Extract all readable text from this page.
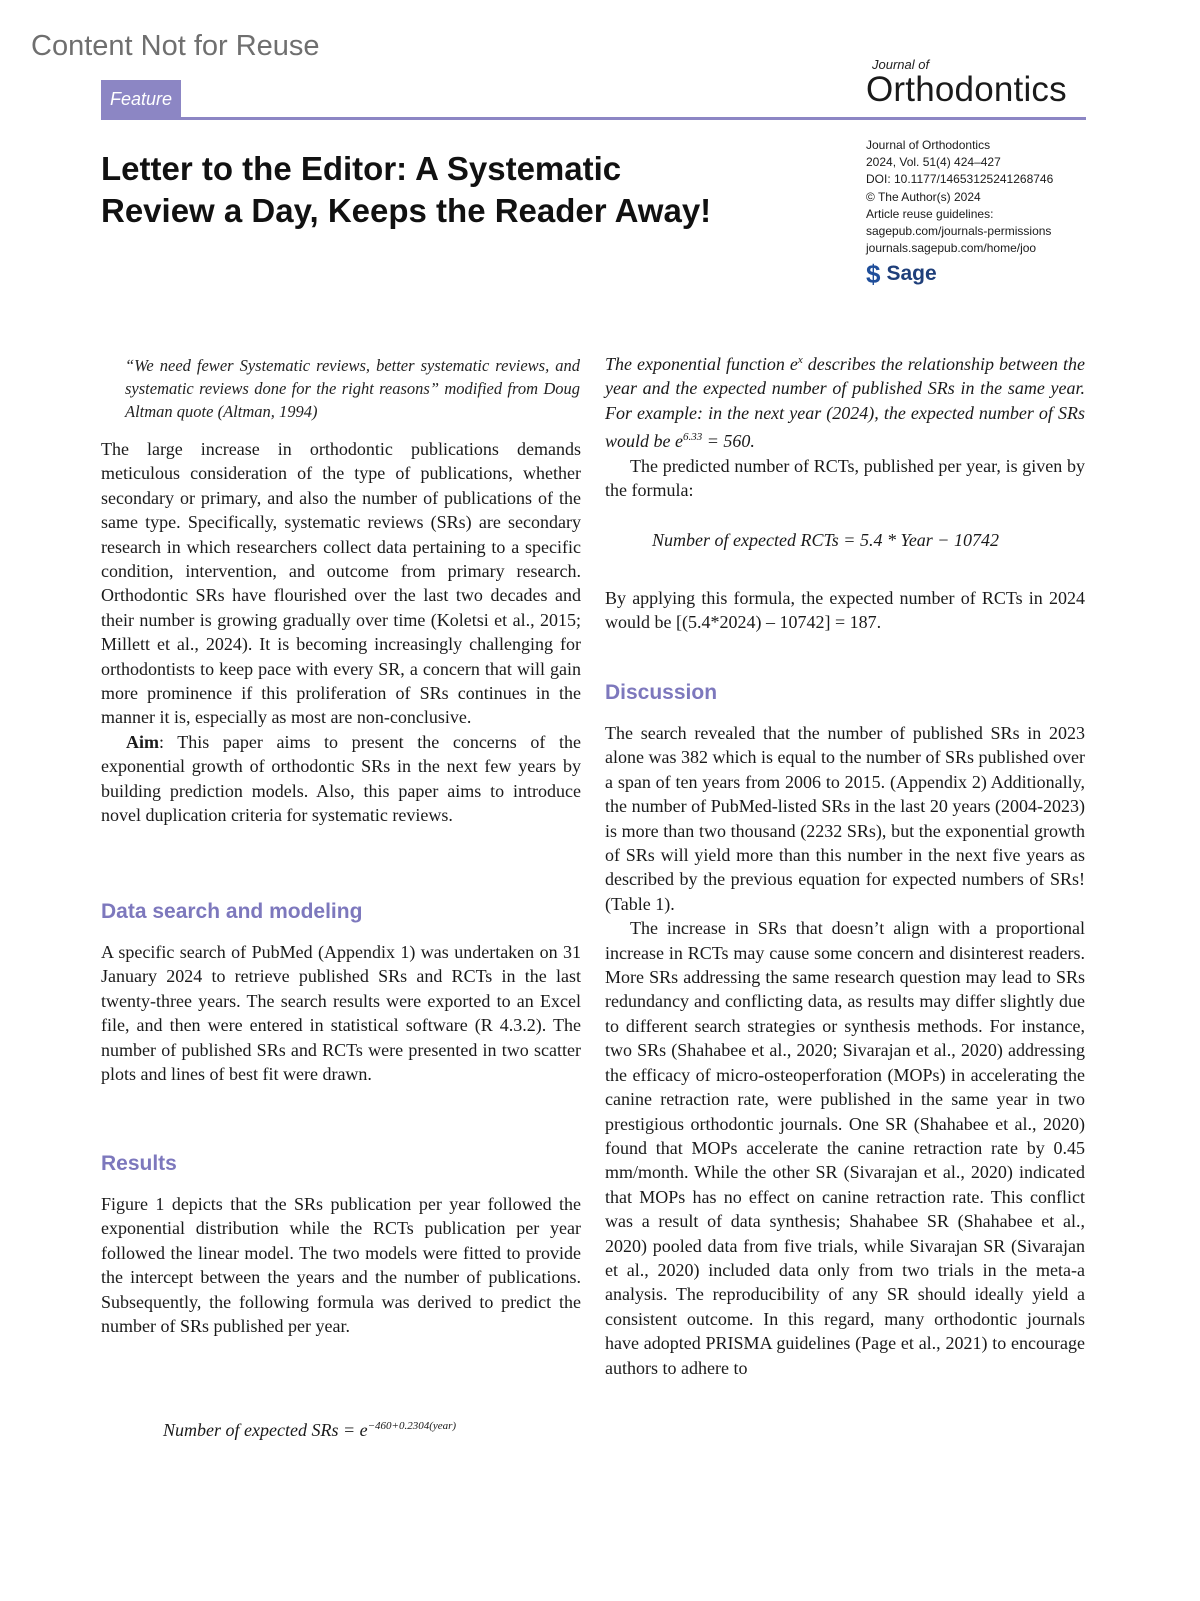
Content Not for Reuse
Feature
Journal of
Orthodontics
Letter to the Editor: A Systematic
Review a Day, Keeps the Reader Away!
Journal of Orthodontics
2024, Vol. 51(4) 424–427
DOI: 10.1177/14653125241268746
© The Author(s) 2024
Article reuse guidelines:
sagepub.com/journals-permissions
journals.sagepub.com/home/joo
$ Sage
“We need fewer Systematic reviews, better systematic reviews, and systematic reviews done for the right reasons” modified from Doug Altman quote (Altman, 1994)

The large increase in orthodontic publications demands meticulous consideration of the type of publications, whether secondary or primary, and also the number of publications of the same type. Specifically, systematic reviews (SRs) are secondary research in which researchers collect data pertaining to a specific condition, intervention, and outcome from primary research. Orthodontic SRs have flourished over the last two decades and their number is growing gradually over time (Koletsi et al., 2015; Millett et al., 2024). It is becoming increasingly challenging for orthodontists to keep pace with every SR, a concern that will gain more prominence if this proliferation of SRs continues in the manner it is, especially as most are non-conclusive.

Aim: This paper aims to present the concerns of the exponential growth of orthodontic SRs in the next few years by building prediction models. Also, this paper aims to introduce novel duplication criteria for systematic reviews.

Data search and modeling

A specific search of PubMed (Appendix 1) was undertaken on 31 January 2024 to retrieve published SRs and RCTs in the last twenty-three years. The search results were exported to an Excel file, and then were entered in statistical software (R 4.3.2). The number of published SRs and RCTs were presented in two scatter plots and lines of best fit were drawn.

Results

Figure 1 depicts that the SRs publication per year followed the exponential distribution while the RCTs publication per year followed the linear model. The two models were fitted to provide the intercept between the years and the number of publications. Subsequently, the following formula was derived to predict the number of SRs published per year.

Number of expected SRs = $e^{-460+0.2304(year)}$

The exponential function $e^x$ describes the relationship between the year and the expected number of published SRs in the same year. For example: in the next year (2024), the expected number of SRs would be $e^{6.33} = 560$.

The predicted number of RCTs, published per year, is given by the formula:

Number of expected RCTs = 5.4 * Year − 10742

By applying this formula, the expected number of RCTs in 2024 would be [(5.4*2024) – 10742] = 187.

Discussion

The search revealed that the number of published SRs in 2023 alone was 382 which is equal to the number of SRs published over a span of ten years from 2006 to 2015. (Appendix 2) Additionally, the number of PubMed-listed SRs in the last 20 years (2004-2023) is more than two thousand (2232 SRs), but the exponential growth of SRs will yield more than this number in the next five years as described by the previous equation for expected numbers of SRs! (Table 1).

The increase in SRs that doesn’t align with a proportional increase in RCTs may cause some concern and disinterest readers. More SRs addressing the same research question may lead to SRs redundancy and conflicting data, as results may differ slightly due to different search strategies or synthesis methods. For instance, two SRs (Shahabee et al., 2020; Sivarajan et al., 2020) addressing the efficacy of micro-osteoperforation (MOPs) in accelerating the canine retraction rate, were published in the same year in two prestigious orthodontic journals. One SR (Shahabee et al., 2020) found that MOPs accelerate the canine retraction rate by 0.45 mm/month. While the other SR (Sivarajan et al., 2020) indicated that MOPs has no effect on canine retraction rate. This conflict was a result of data synthesis; Shahabee SR (Shahabee et al., 2020) pooled data from five trials, while Sivarajan SR (Sivarajan et al., 2020) included data only from two trials in the meta-a analysis. The reproducibility of any SR should ideally yield a consistent outcome. In this regard, many orthodontic journals have adopted PRISMA guidelines (Page et al., 2021) to encourage authors to adhere to
